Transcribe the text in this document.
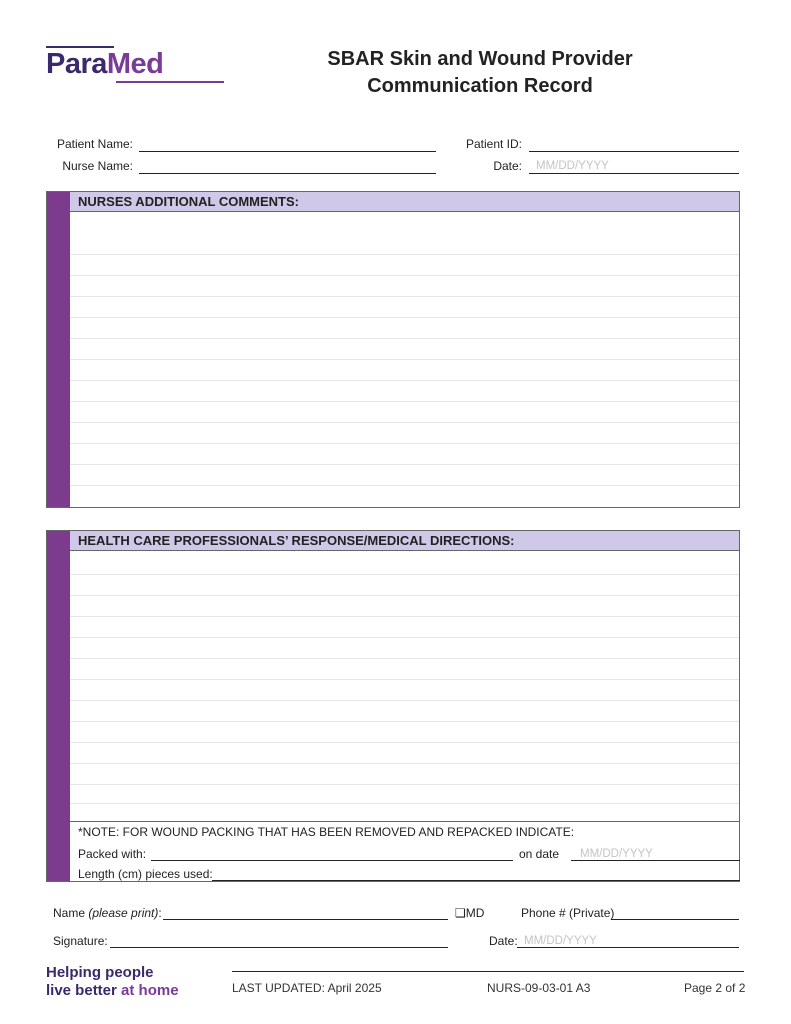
ParaMed	SBAR Skin and Wound Provider
Communication Record
Patient Name:	Patient ID:
Nurse Name:	Date: MM/DD/YYYY
NURSES ADDITIONAL COMMENTS:
HEALTH CARE PROFESSIONALS’ RESPONSE/MEDICAL DIRECTIONS:
*NOTE: FOR WOUND PACKING THAT HAS BEEN REMOVED AND REPACKED INDICATE:
Packed with:	on date MM/DD/YYYY
Length (cm) pieces used:
Name (please print):	❏MD	Phone # (Private)
Signature:	Date: MM/DD/YYYY
Helping people
live better at home	LAST UPDATED: April 2025	NURS-09-03-01 A3	Page 2 of 2
